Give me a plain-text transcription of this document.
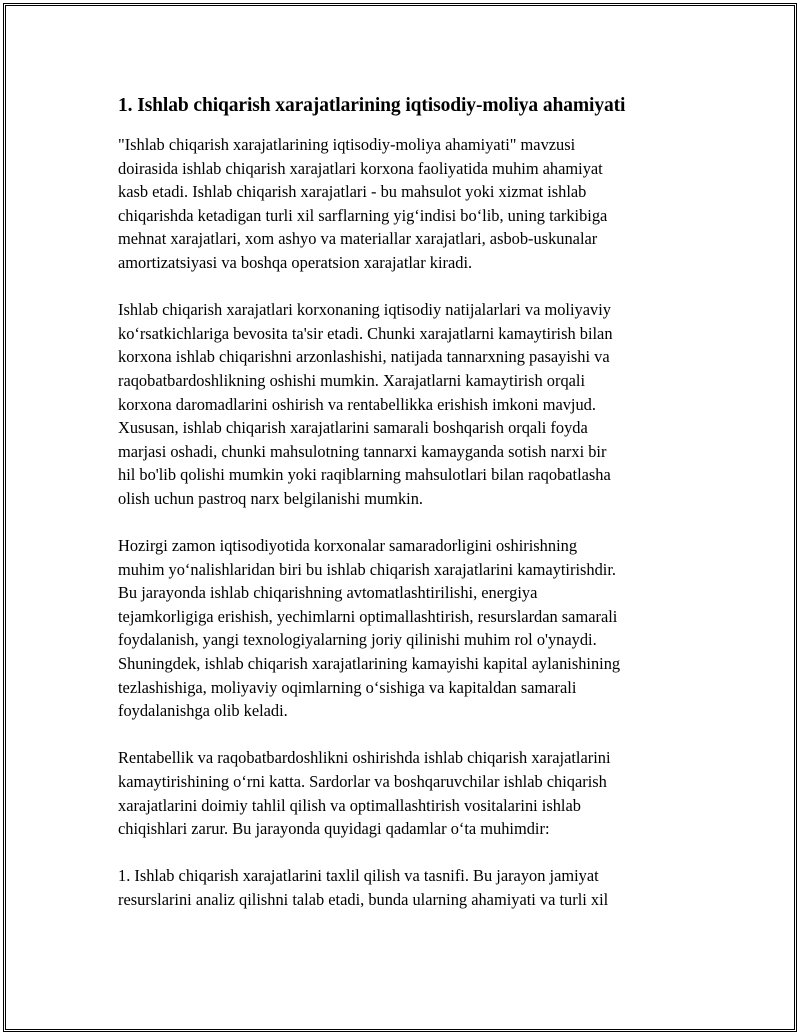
1. Ishlab chiqarish xarajatlarining iqtisodiy-moliya ahamiyati

"Ishlab chiqarish xarajatlarining iqtisodiy-moliya ahamiyati" mavzusi
doirasida ishlab chiqarish xarajatlari korxona faoliyatida muhim ahamiyat
kasb etadi. Ishlab chiqarish xarajatlari - bu mahsulot yoki xizmat ishlab
chiqarishda ketadigan turli xil sarflarning yig‘indisi bo‘lib, uning tarkibiga
mehnat xarajatlari, xom ashyo va materiallar xarajatlari, asbob-uskunalar
amortizatsiyasi va boshqa operatsion xarajatlar kiradi.

Ishlab chiqarish xarajatlari korxonaning iqtisodiy natijalarlari va moliyaviy
ko‘rsatkichlariga bevosita ta'sir etadi. Chunki xarajatlarni kamaytirish bilan
korxona ishlab chiqarishni arzonlashishi, natijada tannarxning pasayishi va
raqobatbardoshlikning oshishi mumkin. Xarajatlarni kamaytirish orqali
korxona daromadlarini oshirish va rentabellikka erishish imkoni mavjud.
Xususan, ishlab chiqarish xarajatlarini samarali boshqarish orqali foyda
marjasi oshadi, chunki mahsulotning tannarxi kamayganda sotish narxi bir
hil bo'lib qolishi mumkin yoki raqiblarning mahsulotlari bilan raqobatlasha
olish uchun pastroq narx belgilanishi mumkin.

Hozirgi zamon iqtisodiyotida korxonalar samaradorligini oshirishning
muhim yo‘nalishlaridan biri bu ishlab chiqarish xarajatlarini kamaytirishdir.
Bu jarayonda ishlab chiqarishning avtomatlashtirilishi, energiya
tejamkorligiga erishish, yechimlarni optimallashtirish, resurslardan samarali
foydalanish, yangi texnologiyalarning joriy qilinishi muhim rol o'ynaydi.
Shuningdek, ishlab chiqarish xarajatlarining kamayishi kapital aylanishining
tezlashishiga, moliyaviy oqimlarning o‘sishiga va kapitaldan samarali
foydalanishga olib keladi.

Rentabellik va raqobatbardoshlikni oshirishda ishlab chiqarish xarajatlarini
kamaytirishining o‘rni katta. Sardorlar va boshqaruvchilar ishlab chiqarish
xarajatlarini doimiy tahlil qilish va optimallashtirish vositalarini ishlab
chiqishlari zarur. Bu jarayonda quyidagi qadamlar o‘ta muhimdir:

1. Ishlab chiqarish xarajatlarini taxlil qilish va tasnifi. Bu jarayon jamiyat
resurslarini analiz qilishni talab etadi, bunda ularning ahamiyati va turli xil
